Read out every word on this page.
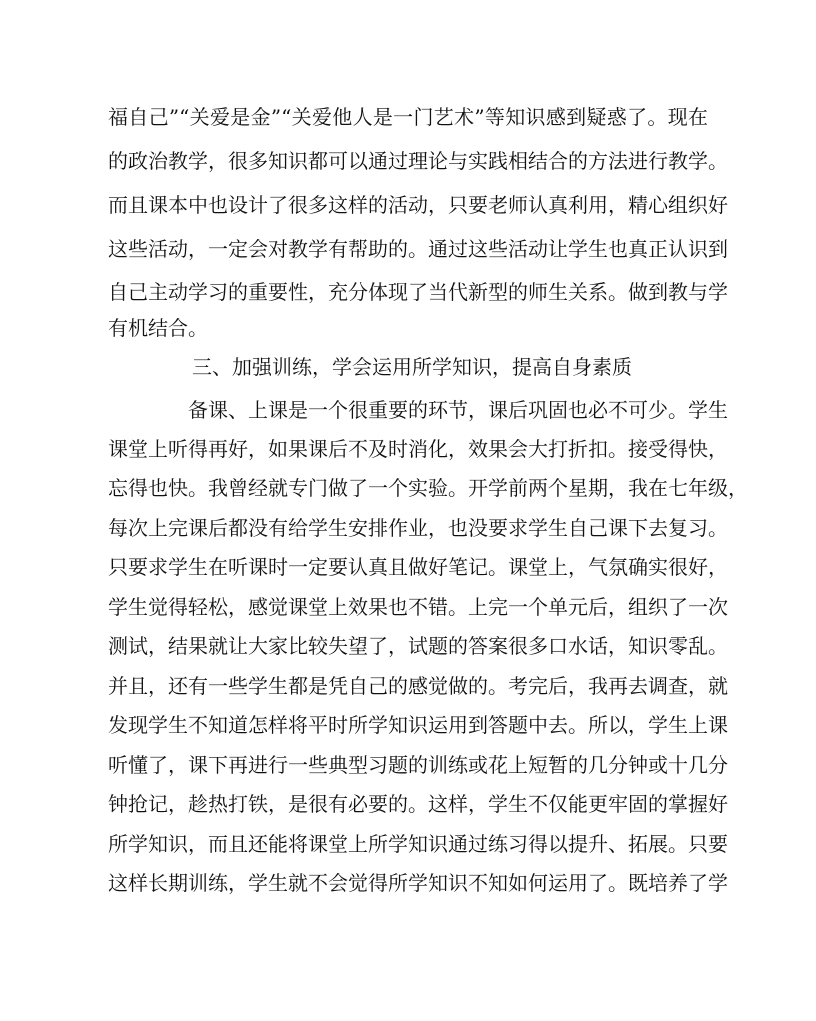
福自己”“关爱是金”“关爱他人是一门艺术”等知识感到疑惑了。现在
的政治教学，很多知识都可以通过理论与实践相结合的方法进行教学。
而且课本中也设计了很多这样的活动，只要老师认真利用，精心组织好
这些活动，一定会对教学有帮助的。通过这些活动让学生也真正认识到
自己主动学习的重要性，充分体现了当代新型的师生关系。做到教与学
有机结合。
三、加强训练，学会运用所学知识，提高自身素质
备课、上课是一个很重要的环节，课后巩固也必不可少。学生
课堂上听得再好，如果课后不及时消化，效果会大打折扣。接受得快，
忘得也快。我曾经就专门做了一个实验。开学前两个星期，我在七年级，
每次上完课后都没有给学生安排作业，也没要求学生自己课下去复习。
只要求学生在听课时一定要认真且做好笔记。课堂上，气氛确实很好，
学生觉得轻松，感觉课堂上效果也不错。上完一个单元后，组织了一次
测试，结果就让大家比较失望了，试题的答案很多口水话，知识零乱。
并且，还有一些学生都是凭自己的感觉做的。考完后，我再去调查，就
发现学生不知道怎样将平时所学知识运用到答题中去。所以，学生上课
听懂了，课下再进行一些典型习题的训练或花上短暂的几分钟或十几分
钟抢记，趁热打铁，是很有必要的。这样，学生不仅能更牢固的掌握好
所学知识，而且还能将课堂上所学知识通过练习得以提升、拓展。只要
这样长期训练，学生就不会觉得所学知识不知如何运用了。既培养了学
